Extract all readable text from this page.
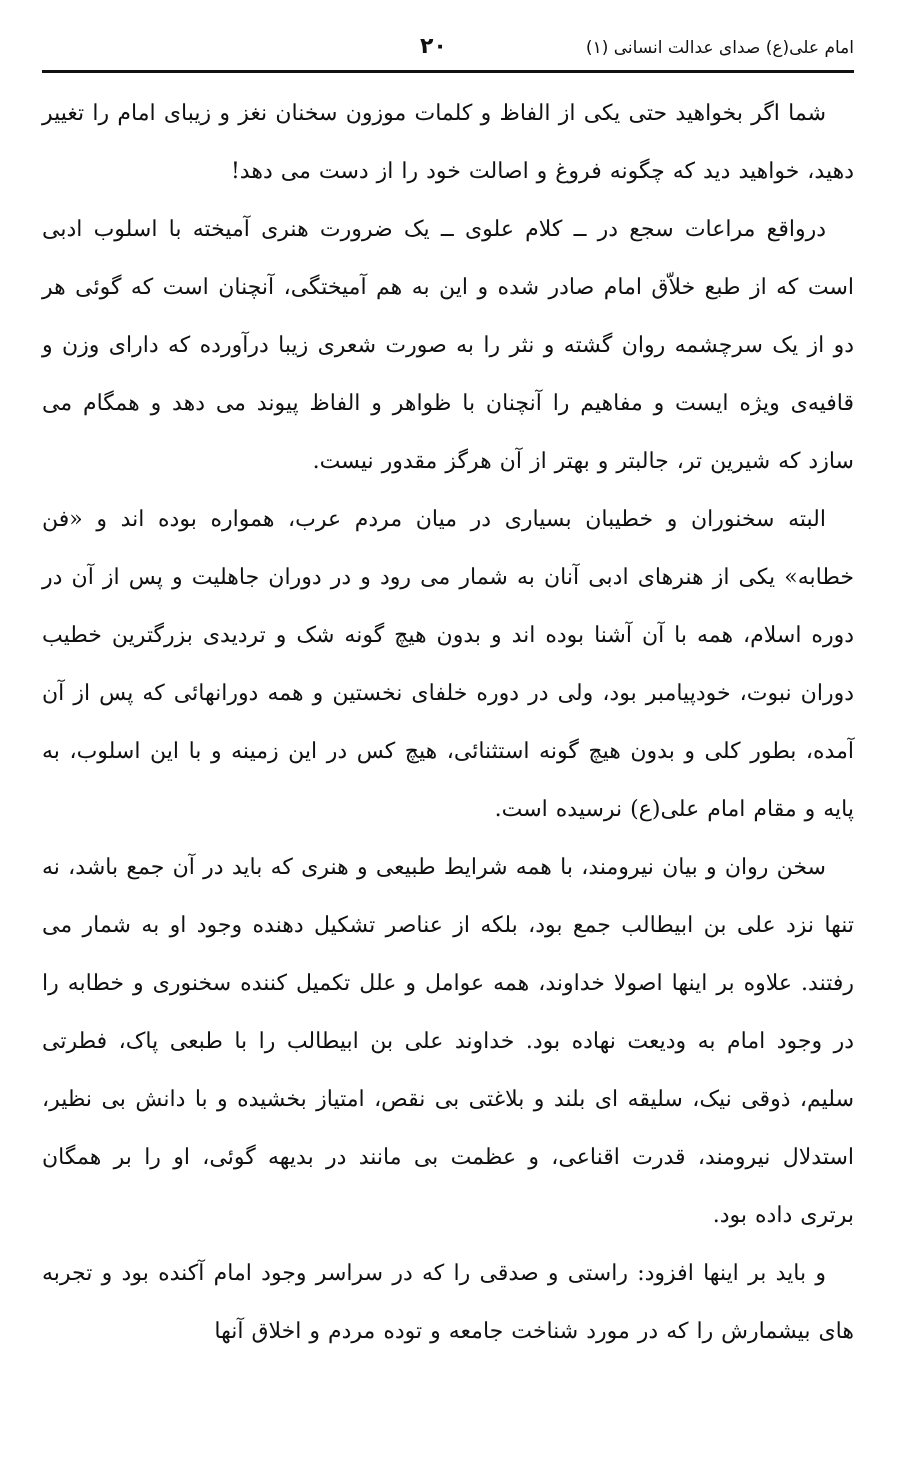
امام علی(ع) صدای عدالت انسانی (۱)
۲۰

شما اگر بخواهید حتی یکی از الفاظ و کلمات موزون سخنان نغز و زیبای امام را تغییر دهید، خواهید دید که چگونه فروغ و اصالت خود را از دست می دهد!

درواقع مراعات سجع در ــ کلام علوی ــ یک ضرورت هنری آمیخته با اسلوب ادبی است که از طبع خلاّق امام صادر شده و این به هم آمیختگی، آنچنان است که گوئی هر دو از یک سرچشمه روان گشته و نثر را به صورت شعری زیبا درآورده که دارای وزن و قافیه‌ی ویژه ایست و مفاهیم را آنچنان با ظواهر و الفاظ پیوند می دهد و همگام می سازد که شیرین تر، جالبتر و بهتر از آن هرگز مقدور نیست.

البته سخنوران و خطیبان بسیاری در میان مردم عرب، همواره بوده اند و «فن خطابه» یکی از هنرهای ادبی آنان به شمار می رود و در دوران جاهلیت و پس از آن در دوره اسلام، همه با آن آشنا بوده اند و بدون هیچ گونه شک و تردیدی بزرگترین خطیب دوران نبوت، خودپیامبر بود، ولی در دوره خلفای نخستین و همه دورانهائی که پس از آن آمده، بطور کلی و بدون هیچ گونه استثنائی، هیچ کس در این زمینه و با این اسلوب، به پایه و مقام امام علی(ع) نرسیده است.

سخن روان و بیان نیرومند، با همه شرایط طبیعی و هنری که باید در آن جمع باشد، نه تنها نزد علی بن ابیطالب جمع بود، بلکه از عناصر تشکیل دهنده وجود او به شمار می رفتند. علاوه بر اینها اصولا خداوند، همه عوامل و علل تکمیل کننده سخنوری و خطابه را در وجود امام به ودیعت نهاده بود. خداوند علی بن ابیطالب را با طبعی پاک، فطرتی سلیم، ذوقی نیک، سلیقه ای بلند و بلاغتی بی نقص، امتیاز بخشیده و با دانش بی نظیر، استدلال نیرومند، قدرت اقناعی، و عظمت بی مانند در بدیهه گوئی، او را بر همگان برتری داده بود.

و باید بر اینها افزود: راستی و صدقی را که در سراسر وجود امام آکنده بود و تجربه های بیشمارش را که در مورد شناخت جامعه و توده مردم و اخلاق آنها
